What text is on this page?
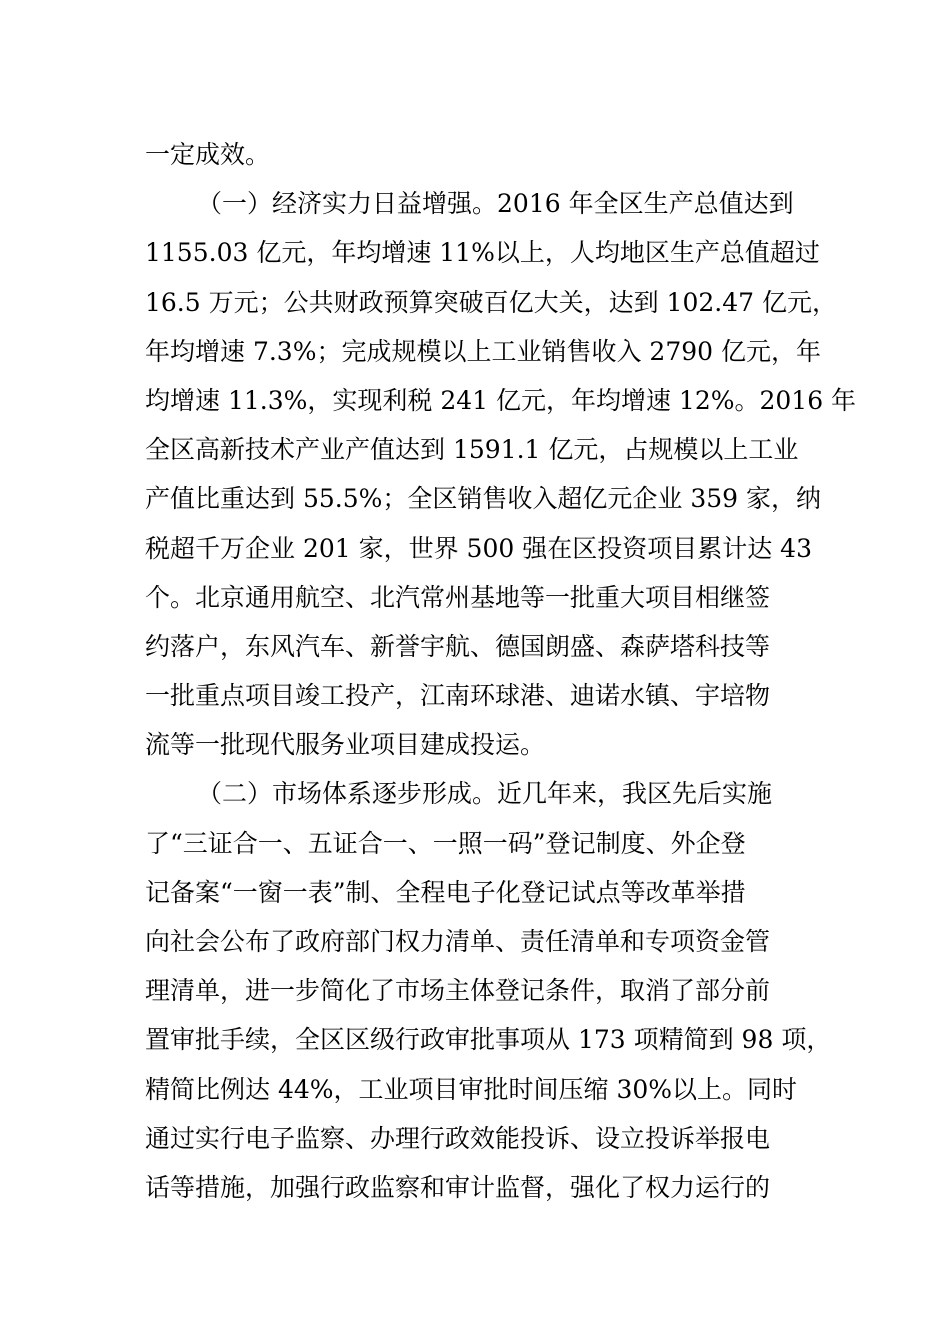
一定成效。
（一）经济实力日益增强。2016 年全区生产总值达到
1155.03 亿元，年均增速 11%以上，人均地区生产总值超过
16.5 万元；公共财政预算突破百亿大关，达到 102.47 亿元，
年均增速 7.3%；完成规模以上工业销售收入 2790 亿元，年
均增速 11.3%，实现利税 241 亿元，年均增速 12%。2016 年
全区高新技术产业产值达到 1591.1 亿元，占规模以上工业
产值比重达到 55.5%；全区销售收入超亿元企业 359 家，纳
税超千万企业 201 家，世界 500 强在区投资项目累计达 43
个。北京通用航空、北汽常州基地等一批重大项目相继签
约落户，东风汽车、新誉宇航、德国朗盛、森萨塔科技等
一批重点项目竣工投产，江南环球港、迪诺水镇、宇培物
流等一批现代服务业项目建成投运。
（二）市场体系逐步形成。近几年来，我区先后实施
了“三证合一、五证合一、一照一码”登记制度、外企登
记备案“一窗一表”制、全程电子化登记试点等改革举措
向社会公布了政府部门权力清单、责任清单和专项资金管
理清单，进一步简化了市场主体登记条件，取消了部分前
置审批手续，全区区级行政审批事项从 173 项精简到 98 项，
精简比例达 44%，工业项目审批时间压缩 30%以上。同时
通过实行电子监察、办理行政效能投诉、设立投诉举报电
话等措施，加强行政监察和审计监督，强化了权力运行的
